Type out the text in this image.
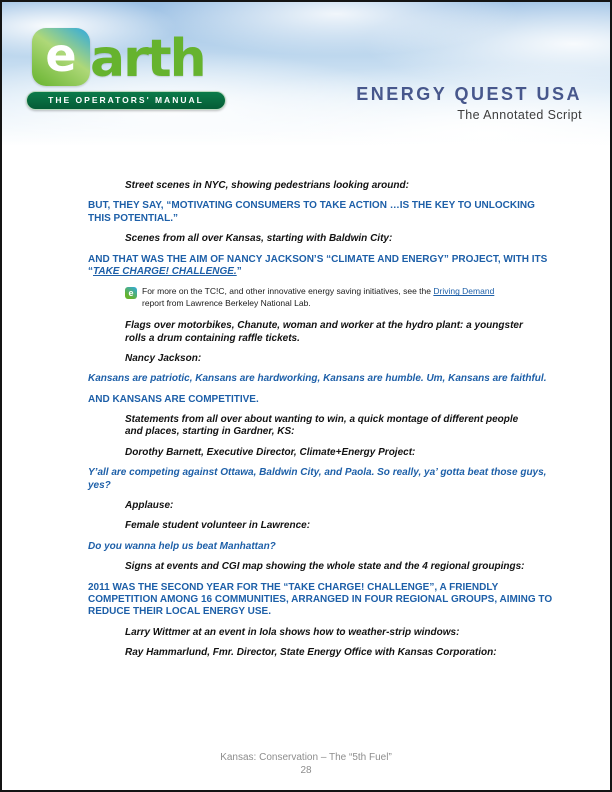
e arth
THE OPERATORS' MANUAL	ENERGY QUEST USA
The Annotated Script
Street scenes in NYC, showing pedestrians looking around:
BUT, THEY SAY, “MOTIVATING CONSUMERS TO TAKE ACTION …IS THE KEY TO UNLOCKING THIS POTENTIAL.”
Scenes from all over Kansas, starting with Baldwin City:
AND THAT WAS THE AIM OF NANCY JACKSON’S “CLIMATE AND ENERGY” PROJECT, WITH ITS “TAKE CHARGE! CHALLENGE.”
e	For more on the TC!C, and other innovative energy saving initiatives, see the Driving Demand report from Lawrence Berkeley National Lab.
Flags over motorbikes, Chanute, woman and worker at the hydro plant: a youngster rolls a drum containing raffle tickets.
Nancy Jackson:
Kansans are patriotic, Kansans are hardworking, Kansans are humble. Um, Kansans are faithful.
AND KANSANS ARE COMPETITIVE.
Statements from all over about wanting to win, a quick montage of different people and places, starting in Gardner, KS:
Dorothy Barnett, Executive Director, Climate+Energy Project:
Y’all are competing against Ottawa, Baldwin City, and Paola. So really, ya’ gotta beat those guys, yes?
Applause:
Female student volunteer in Lawrence:
Do you wanna help us beat Manhattan?
Signs at events and CGI map showing the whole state and the 4 regional groupings:
2011 WAS THE SECOND YEAR FOR THE “TAKE CHARGE! CHALLENGE”, A FRIENDLY COMPETITION AMONG 16 COMMUNITIES, ARRANGED IN FOUR REGIONAL GROUPS, AIMING TO REDUCE THEIR LOCAL ENERGY USE.
Larry Wittmer at an event in Iola shows how to weather-strip windows:
Ray Hammarlund, Fmr. Director, State Energy Office with Kansas Corporation:
Kansas: Conservation – The “5th Fuel”
28
